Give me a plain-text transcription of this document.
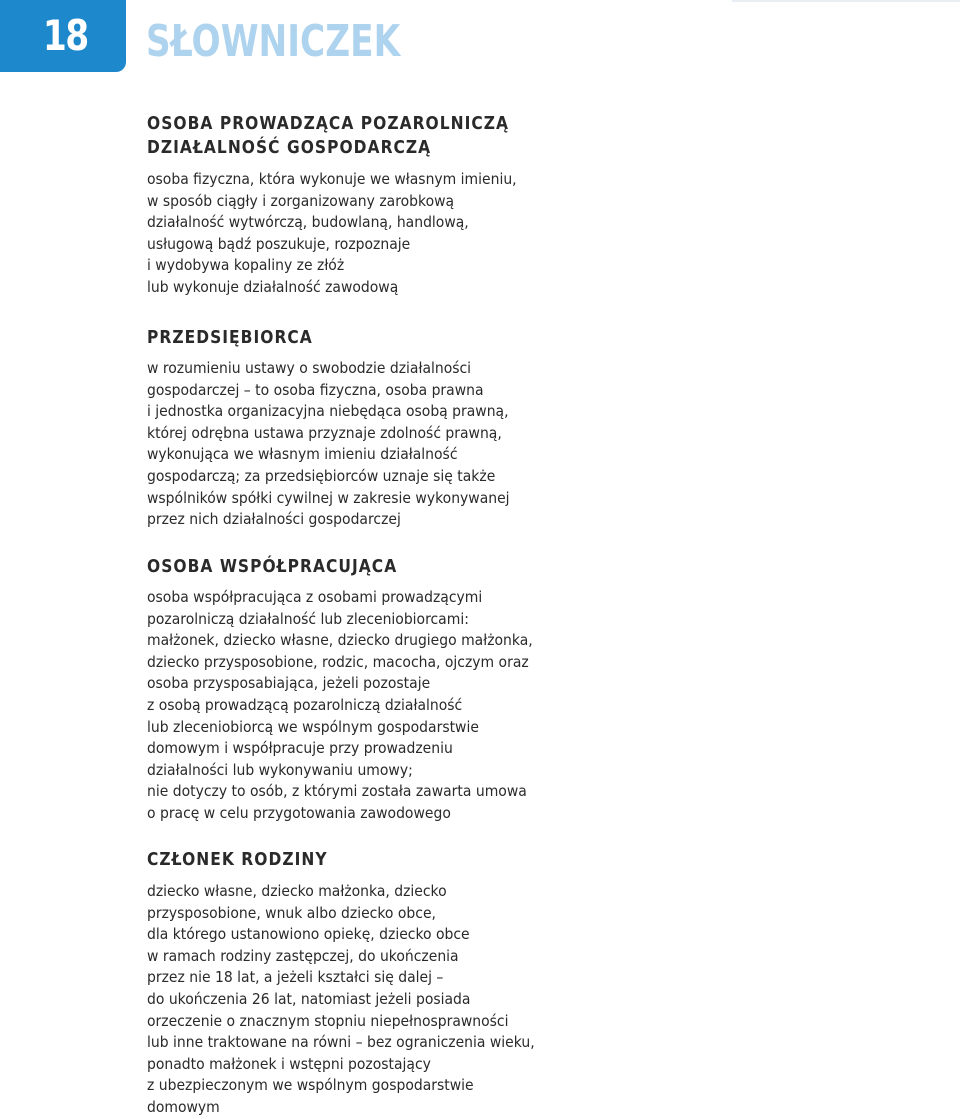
18	SŁOWNICZEK
OSOBA PROWADZĄCA POZAROLNICZĄ
DZIAŁALNOŚĆ GOSPODARCZĄ
osoba fizyczna, która wykonuje we własnym imieniu,
w sposób ciągły i zorganizowany zarobkową
działalność wytwórczą, budowlaną, handlową,
usługową bądź poszukuje, rozpoznaje
i wydobywa kopaliny ze złóż
lub wykonuje działalność zawodową
PRZEDSIĘBIORCA
w rozumieniu ustawy o swobodzie działalności
gospodarczej – to osoba fizyczna, osoba prawna
i jednostka organizacyjna niebędąca osobą prawną,
której odrębna ustawa przyznaje zdolność prawną,
wykonująca we własnym imieniu działalność
gospodarczą; za przedsiębiorców uznaje się także
wspólników spółki cywilnej w zakresie wykonywanej
przez nich działalności gospodarczej
OSOBA WSPÓŁPRACUJĄCA
osoba współpracująca z osobami prowadzącymi
pozarolniczą działalność lub zleceniobiorcami:
małżonek, dziecko własne, dziecko drugiego małżonka,
dziecko przysposobione, rodzic, macocha, ojczym oraz
osoba przysposabiająca, jeżeli pozostaje
z osobą prowadzącą pozarolniczą działalność
lub zleceniobiorcą we wspólnym gospodarstwie
domowym i współpracuje przy prowadzeniu
działalności lub wykonywaniu umowy;
nie dotyczy to osób, z którymi została zawarta umowa
o pracę w celu przygotowania zawodowego
CZŁONEK RODZINY
dziecko własne, dziecko małżonka, dziecko
przysposobione, wnuk albo dziecko obce,
dla którego ustanowiono opiekę, dziecko obce
w ramach rodziny zastępczej, do ukończenia
przez nie 18 lat, a jeżeli kształci się dalej –
do ukończenia 26 lat, natomiast jeżeli posiada
orzeczenie o znacznym stopniu niepełnosprawności
lub inne traktowane na równi – bez ograniczenia wieku,
ponadto małżonek i wstępni pozostający
z ubezpieczonym we wspólnym gospodarstwie
domowym
